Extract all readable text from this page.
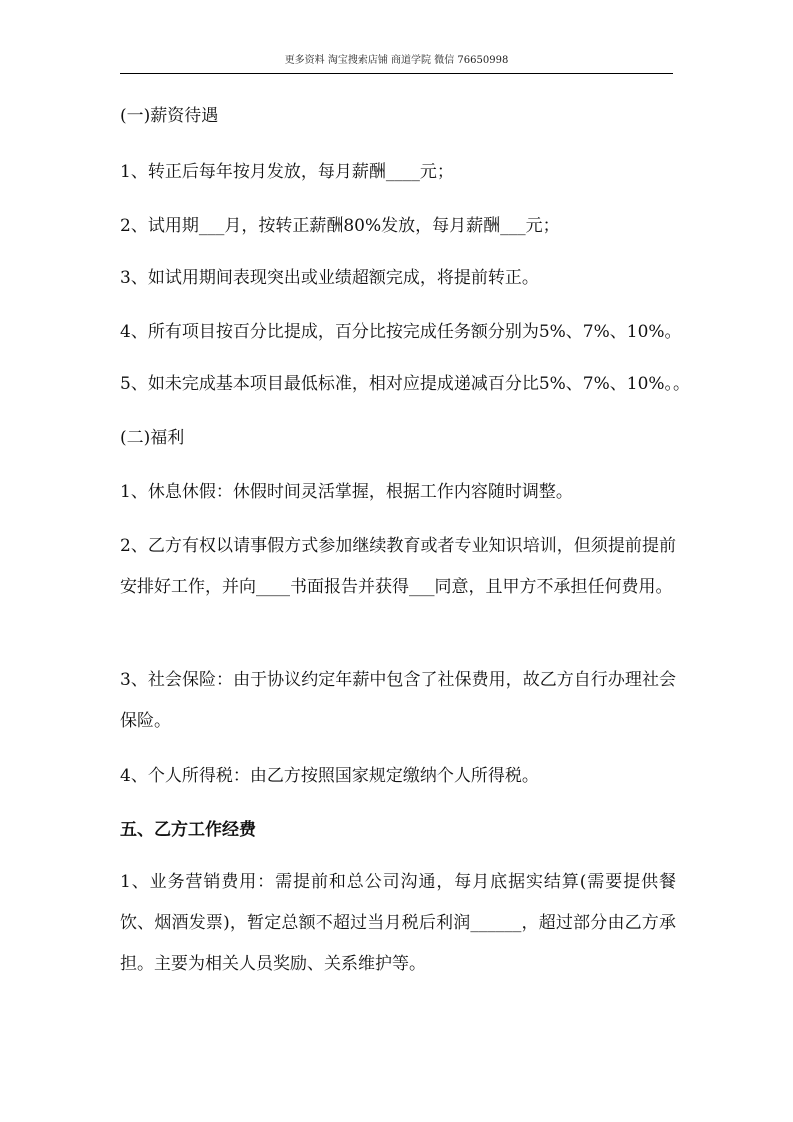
更多资料 淘宝搜索店铺 商道学院 微信 76650998

(一)薪资待遇

1、转正后每年按月发放，每月薪酬____元；

2、试用期___月，按转正薪酬80%发放，每月薪酬___元；

3、如试用期间表现突出或业绩超额完成，将提前转正。

4、所有项目按百分比提成，百分比按完成任务额分别为5%、7%、10%。

5、如未完成基本项目最低标准，相对应提成递减百分比5%、7%、10%。。

(二)福利

1、休息休假：休假时间灵活掌握，根据工作内容随时调整。

2、乙方有权以请事假方式参加继续教育或者专业知识培训，但须提前提前安排好工作，并向____书面报告并获得___同意，且甲方不承担任何费用。

3、社会保险：由于协议约定年薪中包含了社保费用，故乙方自行办理社会保险。

4、个人所得税：由乙方按照国家规定缴纳个人所得税。

五、乙方工作经费

1、业务营销费用：需提前和总公司沟通，每月底据实结算(需要提供餐饮、烟酒发票)，暂定总额不超过当月税后利润______，超过部分由乙方承担。主要为相关人员奖励、关系维护等。
